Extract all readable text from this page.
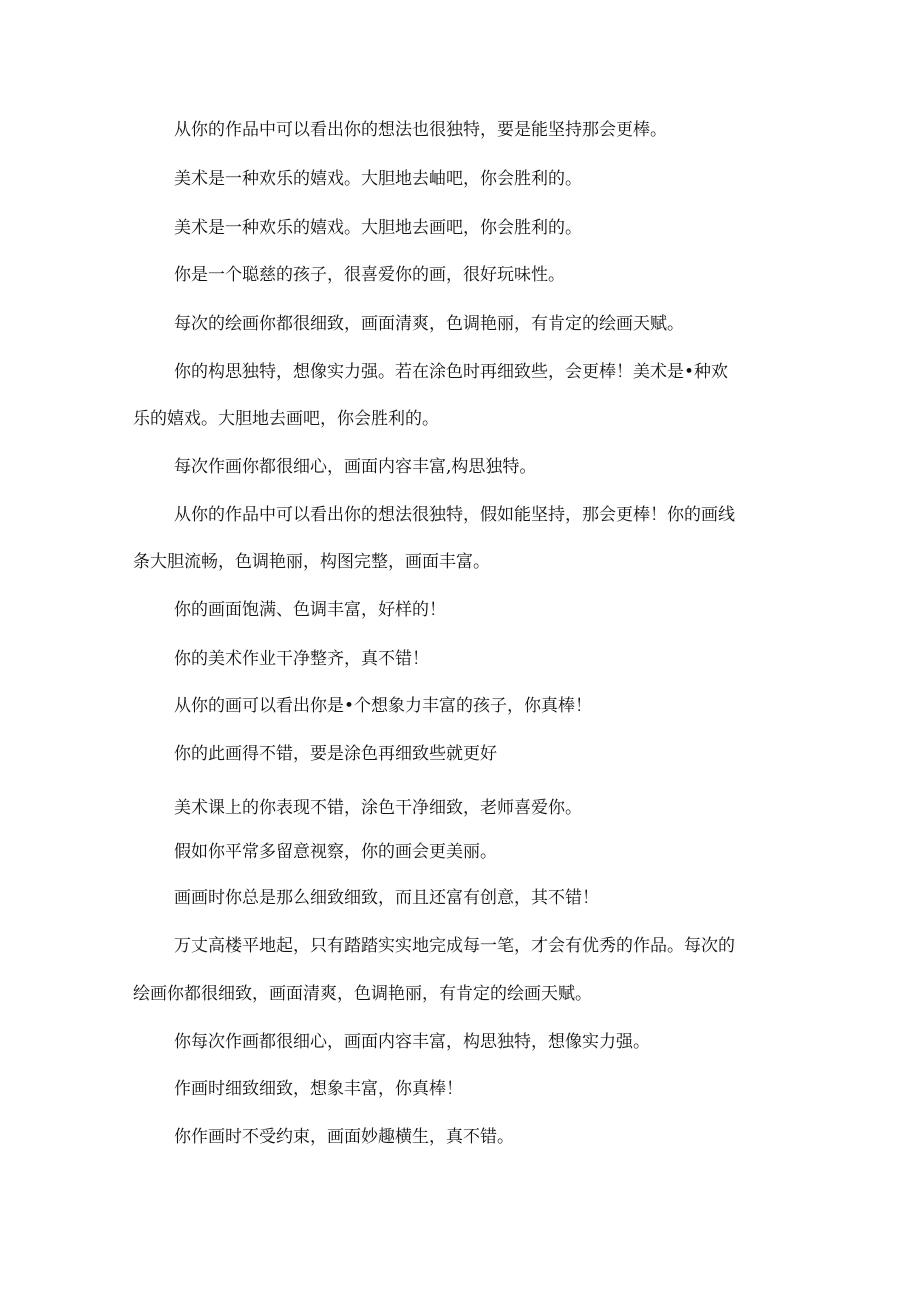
从你的作品中可以看出你的想法也很独特，要是能坚持那会更棒。

美术是一种欢乐的嬉戏。大胆地去岫吧，你会胜利的。

美术是一种欢乐的嬉戏。大胆地去画吧，你会胜利的。

你是一个聪慈的孩子，很喜爱你的画，很好玩味性。

每次的绘画你都很细致，画面清爽，色调艳丽，有肯定的绘画天赋。

你的构思独特，想像实力强。若在涂色时再细致些，会更棒！美术是•种欢

乐的嬉戏。大胆地去画吧，你会胜利的。

每次作画你都很细心，画面内容丰富,构思独特。

从你的作品中可以看出你的想法很独特，假如能坚持，那会更棒！你的画线

条大胆流畅，色调艳丽，构图完整，画面丰富。

你的画面饱满、色调丰富，好样的！

你的美术作业干净整齐，真不错！

从你的画可以看出你是•个想象力丰富的孩子，你真棒！

你的此画得不错，要是涂色再细致些就更好

美术课上的你表现不错，涂色干净细致，老师喜爱你。

假如你平常多留意视察，你的画会更美丽。

画画时你总是那么细致细致，而且还富有创意，其不错！

万丈高楼平地起，只有踏踏实实地完成每一笔，才会有优秀的作品。每次的

绘画你都很细致，画面清爽，色调艳丽，有肯定的绘画天赋。

你每次作画都很细心，画面内容丰富，构思独特，想像实力强。

作画时细致细致，想象丰富，你真棒！

你作画时不受约束，画面妙趣横生，真不错。
